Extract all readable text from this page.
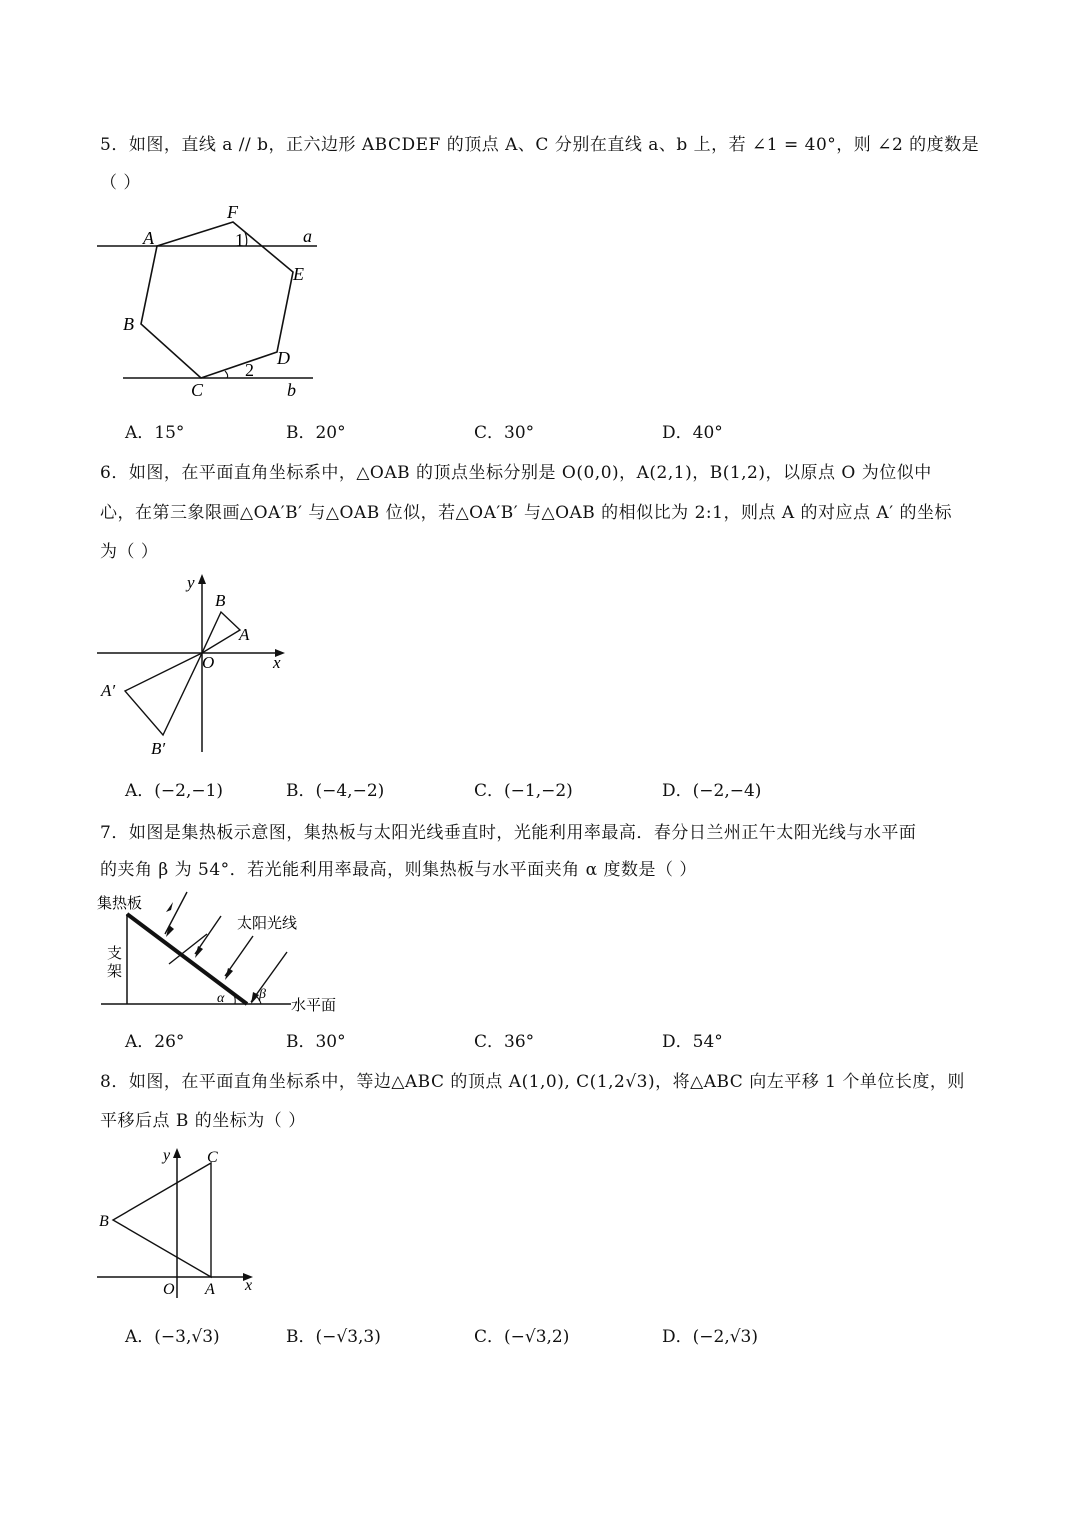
5．如图，直线 a // b，正六边形 ABCDEF 的顶点 A、C 分别在直线 a、b 上，若 ∠1 = 40°，则 ∠2 的度数是
（ ）
A
F
1	a
E
B
D
2
C	b
A．15°	B．20°	C．30°	D．40°
6．如图，在平面直角坐标系中，△OAB 的顶点坐标分别是 O(0,0)，A(2,1)，B(1,2)，以原点 O 为位似中
心，在第三象限画△OA′B′ 与△OAB 位似，若△OA′B′ 与△OAB 的相似比为 2:1，则点 A 的对应点 A′ 的坐标
为（ ）
y
x
O
B
A
A′
B′
A．(−2,−1)	B．(−4,−2)	C．(−1,−2)	D．(−2,−4)
7．如图是集热板示意图，集热板与太阳光线垂直时，光能利用率最高．春分日兰州正午太阳光线与水平面
的夹角 β 为 54°．若光能利用率最高，则集热板与水平面夹角 α 度数是（ ）
集热板
太阳光线
支
架
水平面
α β
A．26°	B．30°	C．36°	D．54°
8．如图，在平面直角坐标系中，等边△ABC 的顶点 A(1,0), C(1,2√3)，将△ABC 向左平移 1 个单位长度，则
平移后点 B 的坐标为（ ）
y
x
O A
B
C
A．(−3,√3)	B．(−√3,3)	C．(−√3,2)	D．(−2,√3)
